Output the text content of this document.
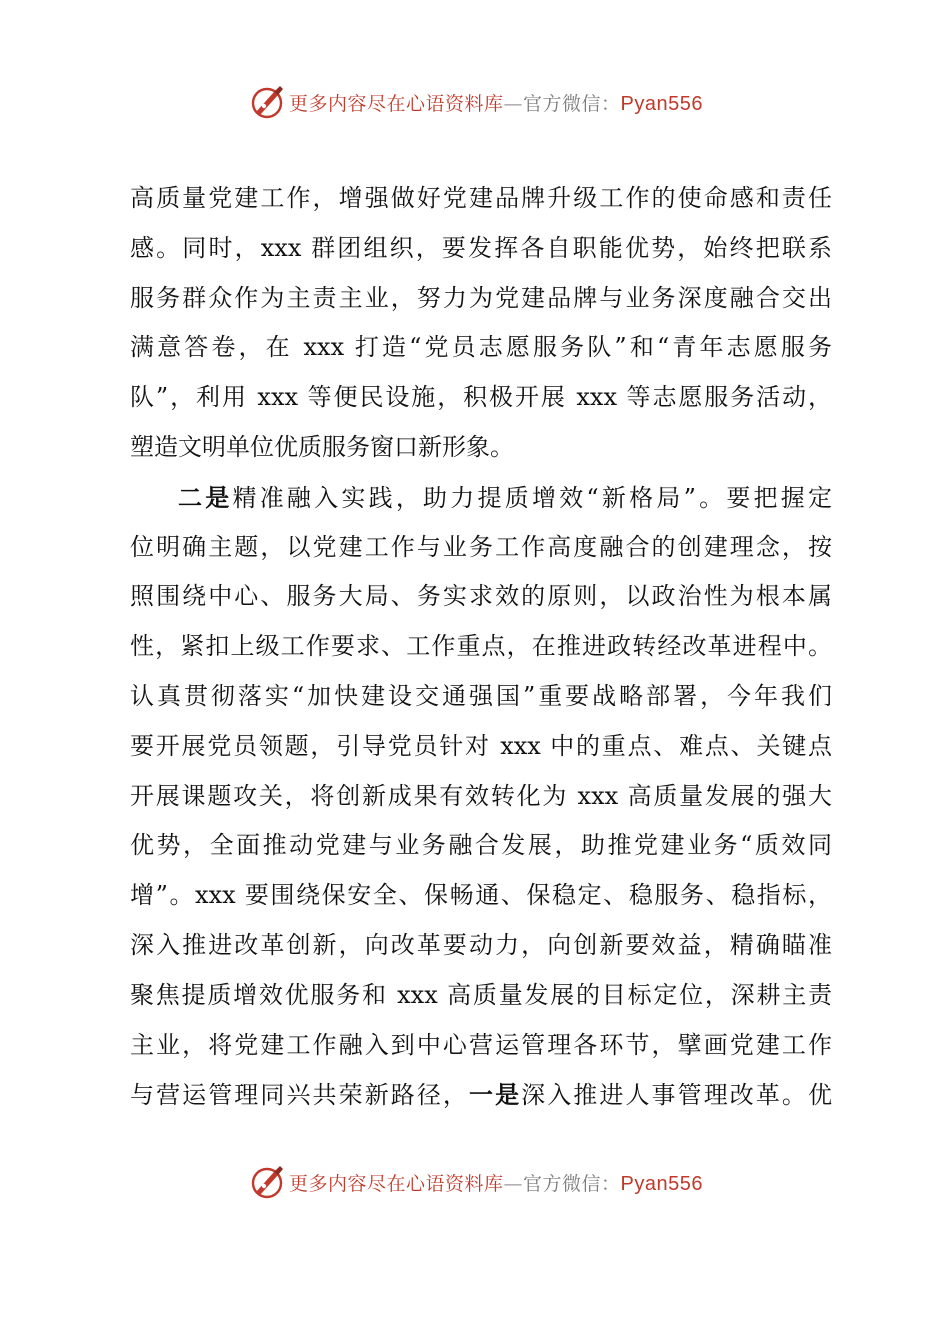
更多内容尽在心语资料库—官方微信：Pyan556
高质量党建工作，增强做好党建品牌升级工作的使命感和责任
感。同时，xxx 群团组织，要发挥各自职能优势，始终把联系
服务群众作为主责主业，努力为党建品牌与业务深度融合交出
满意答卷，在 xxx 打造“党员志愿服务队”和“青年志愿服务
队”，利用 xxx 等便民设施，积极开展 xxx 等志愿服务活动，
塑造文明单位优质服务窗口新形象。
二是精准融入实践，助力提质增效“新格局”。要把握定
位明确主题，以党建工作与业务工作高度融合的创建理念，按
照围绕中心、服务大局、务实求效的原则，以政治性为根本属
性，紧扣上级工作要求、工作重点，在推进政转经改革进程中。
认真贯彻落实“加快建设交通强国”重要战略部署，今年我们
要开展党员领题，引导党员针对 xxx 中的重点、难点、关键点
开展课题攻关，将创新成果有效转化为 xxx 高质量发展的强大
优势，全面推动党建与业务融合发展，助推党建业务“质效同
增”。xxx 要围绕保安全、保畅通、保稳定、稳服务、稳指标，
深入推进改革创新，向改革要动力，向创新要效益，精确瞄准
聚焦提质增效优服务和 xxx 高质量发展的目标定位，深耕主责
主业，将党建工作融入到中心营运管理各环节，擘画党建工作
与营运管理同兴共荣新路径，一是深入推进人事管理改革。优
更多内容尽在心语资料库—官方微信：Pyan556
